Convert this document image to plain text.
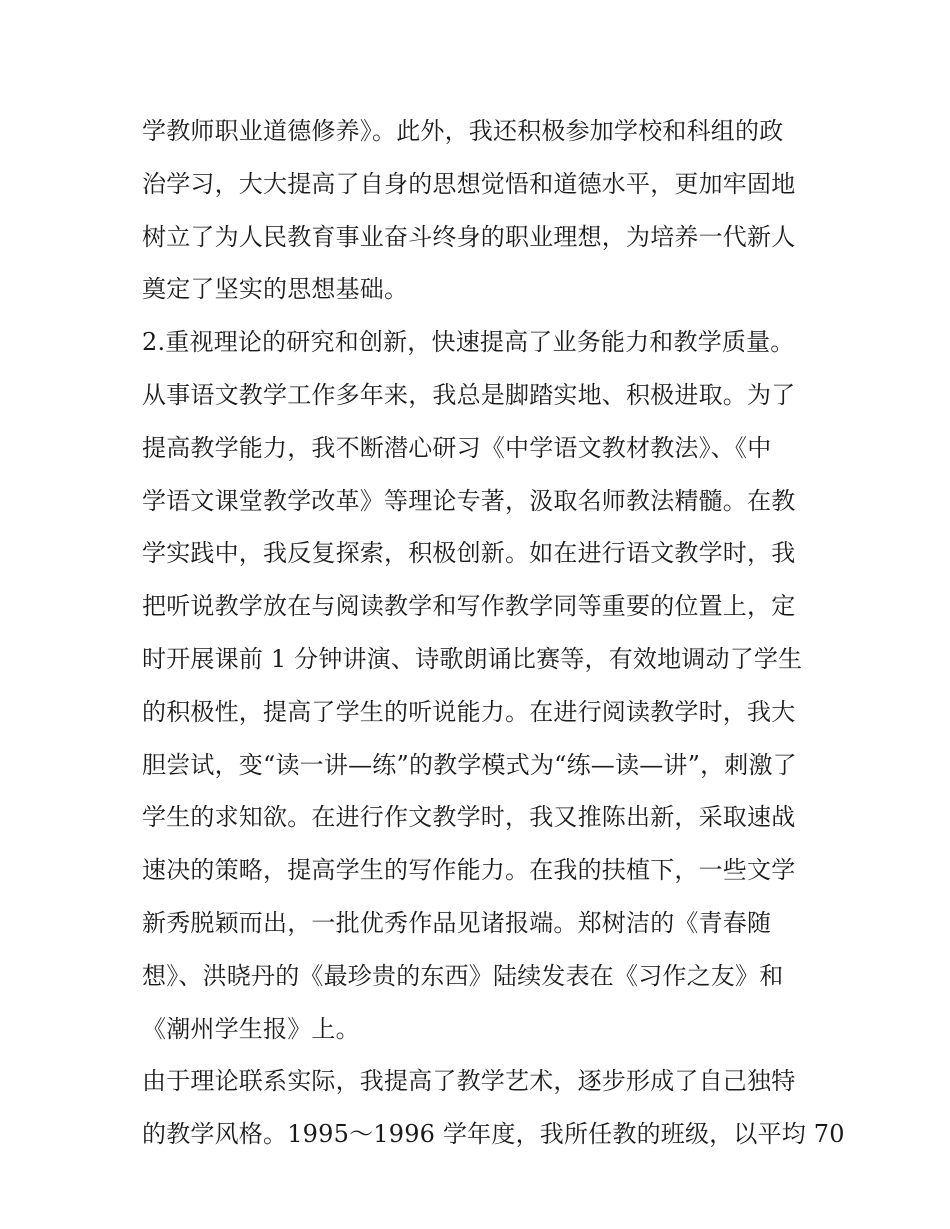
学教师职业道德修养》。此外，我还积极参加学校和科组的政
治学习，大大提高了自身的思想觉悟和道德水平，更加牢固地
树立了为人民教育事业奋斗终身的职业理想，为培养一代新人
奠定了坚实的思想基础。
2.重视理论的研究和创新，快速提高了业务能力和教学质量。
从事语文教学工作多年来，我总是脚踏实地、积极进取。为了
提高教学能力，我不断潜心研习《中学语文教材教法》、《中
学语文课堂教学改革》等理论专著，汲取名师教法精髓。在教
学实践中，我反复探索，积极创新。如在进行语文教学时，我
把听说教学放在与阅读教学和写作教学同等重要的位置上，定
时开展课前 1 分钟讲演、诗歌朗诵比赛等，有效地调动了学生
的积极性，提高了学生的听说能力。在进行阅读教学时，我大
胆尝试，变“读一讲—练”的教学模式为“练—读—讲”，刺激了
学生的求知欲。在进行作文教学时，我又推陈出新，采取速战
速决的策略，提高学生的写作能力。在我的扶植下，一些文学
新秀脱颖而出，一批优秀作品见诸报端。郑树洁的《青春随
想》、洪晓丹的《最珍贵的东西》陆续发表在《习作之友》和
《潮州学生报》上。
由于理论联系实际，我提高了教学艺术，逐步形成了自己独特
的教学风格。1995～1996 学年度，我所任教的班级，以平均 70
